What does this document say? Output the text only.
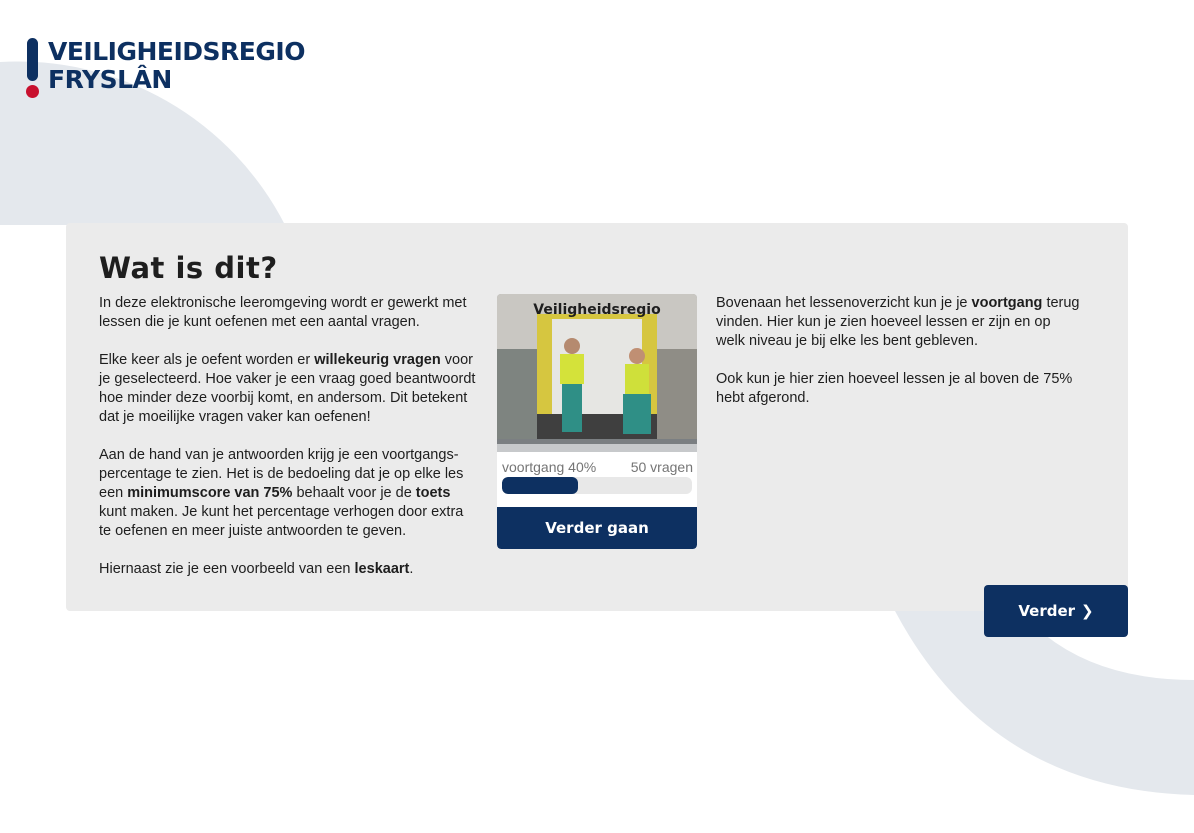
VEILIGHEIDSREGIO
FRYSLÂN
Wat is dit?

In deze elektronische leeromgeving wordt er gewerkt met lessen die je kunt oefenen met een aantal vragen.

Elke keer als je oefent worden er willekeurig vragen voor je geselecteerd. Hoe vaker je een vraag goed beantwoordt hoe minder deze voorbij komt, en andersom. Dit betekent dat je moeilijke vragen vaker kan oefenen!

Aan de hand van je antwoorden krijg je een voortgangs-percentage te zien. Het is de bedoeling dat je op elke les een minimumscore van 75% behaalt voor je de toets kunt maken. Je kunt het percentage verhogen door extra te oefenen en meer juiste antwoorden te geven.

Hiernaast zie je een voorbeeld van een leskaart.

Veiligheidsregio
voortgang 40% 50 vragen
Verder gaan

Bovenaan het lessenoverzicht kun je je voortgang terug vinden. Hier kun je zien hoeveel lessen er zijn en op welk niveau je bij elke les bent gebleven.

Ook kun je hier zien hoeveel lessen je al boven de 75% hebt afgerond.

Verder ❯
